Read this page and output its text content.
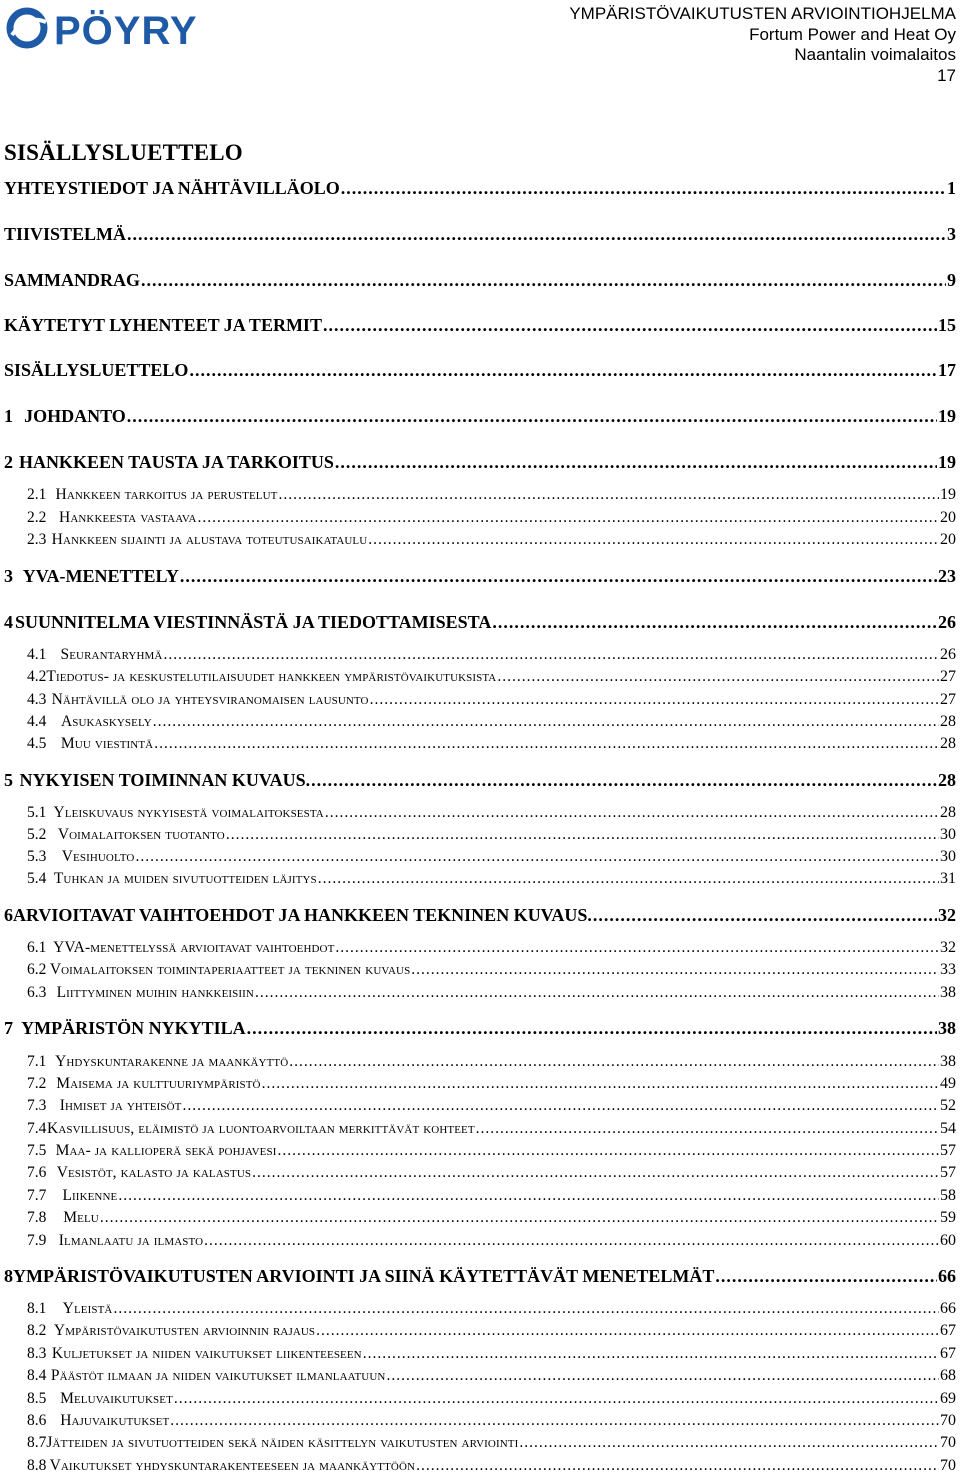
PÖYRY	YMPÄRISTÖVAIKUTUSTEN ARVIOINTIOHJELMA
Fortum Power and Heat Oy
Naantalin voimalaitos
17
SISÄLLYSLUETTELO
YHTEYSTIEDOT JA NÄHTÄVILLÄOLO .....	1
TIIVISTELMÄ .....	3
SAMMANDRAG .....	9
KÄYTETYT LYHENTEET JA TERMIT .....	15
SISÄLLYSLUETTELO .....	17
1 JOHDANTO .....	19
2 HANKKEEN TAUSTA JA TARKOITUS .....	19
2.1 Hankkeen tarkoitus ja perustelut .....	19
2.2 Hankkeesta vastaava .....	20
2.3 Hankkeen sijainti ja alustava toteutusaikataulu .....	20
3 YVA-MENETTELY .....	23
4 SUUNNITELMA VIESTINNÄSTÄ JA TIEDOTTAMISESTA .....	26
4.1 Seurantaryhmä .....	26
4.2 Tiedotus- ja keskustelutilaisuudet hankkeen ympäristövaikutuksista .....	27
4.3 Nähtävillä olo ja yhteysviranomaisen lausunto .....	27
4.4 Asukaskysely .....	28
4.5 Muu viestintä .....	28
5 NYKYISEN TOIMINNAN KUVAUS. .....	28
5.1 Yleiskuvaus nykyisestä voimalaitoksesta .....	28
5.2 Voimalaitoksen tuotanto .....	30
5.3 Vesihuolto .....	30
5.4 Tuhkan ja muiden sivutuotteiden läjitys .....	31
6 ARVIOITAVAT VAIHTOEHDOT JA HANKKEEN TEKNINEN KUVAUS. .....	32
6.1 YVA-menettelyssä arvioitavat vaihtoehdot .....	32
6.2 Voimalaitoksen toimintaperiaatteet ja tekninen kuvaus .....	33
6.3 Liittyminen muihin hankkeisiin .....	38
7 YMPÄRISTÖN NYKYTILA .....	38
7.1 Yhdyskuntarakenne ja maankäyttö .....	38
7.2 Maisema ja kulttuuriympäristö .....	49
7.3 Ihmiset ja yhteisöt .....	52
7.4 Kasvillisuus, eläimistö ja luontoarvoiltaan merkittävät kohteet .....	54
7.5 Maa- ja kallioperä sekä pohjavesi .....	57
7.6 Vesistöt, kalasto ja kalastus .....	57
7.7	Liikenne .....	58
7.8	Melu .....	59
7.9 Ilmanlaatu ja ilmasto .....	60
8 YMPÄRISTÖVAIKUTUSTEN ARVIOINTI JA SIINÄ KÄYTETTÄVÄT MENETELMÄT .....	66
8.1	Yleistä .....	66
8.2 Ympäristövaikutusten arvioinnin rajaus .....	67
8.3 Kuljetukset ja niiden vaikutukset liikenteeseen .....	67
8.4 Päästöt ilmaan ja niiden vaikutukset ilmanlaatuun .....	68
8.5 Meluvaikutukset .....	69
8.6 Hajuvaikutukset .....	70
8.7 Jätteiden ja sivutuotteiden sekä näiden käsittelyn vaikutusten arviointi .....	70
8.8 Vaikutukset yhdyskuntarakenteeseen ja maankäyttöön .....	70
